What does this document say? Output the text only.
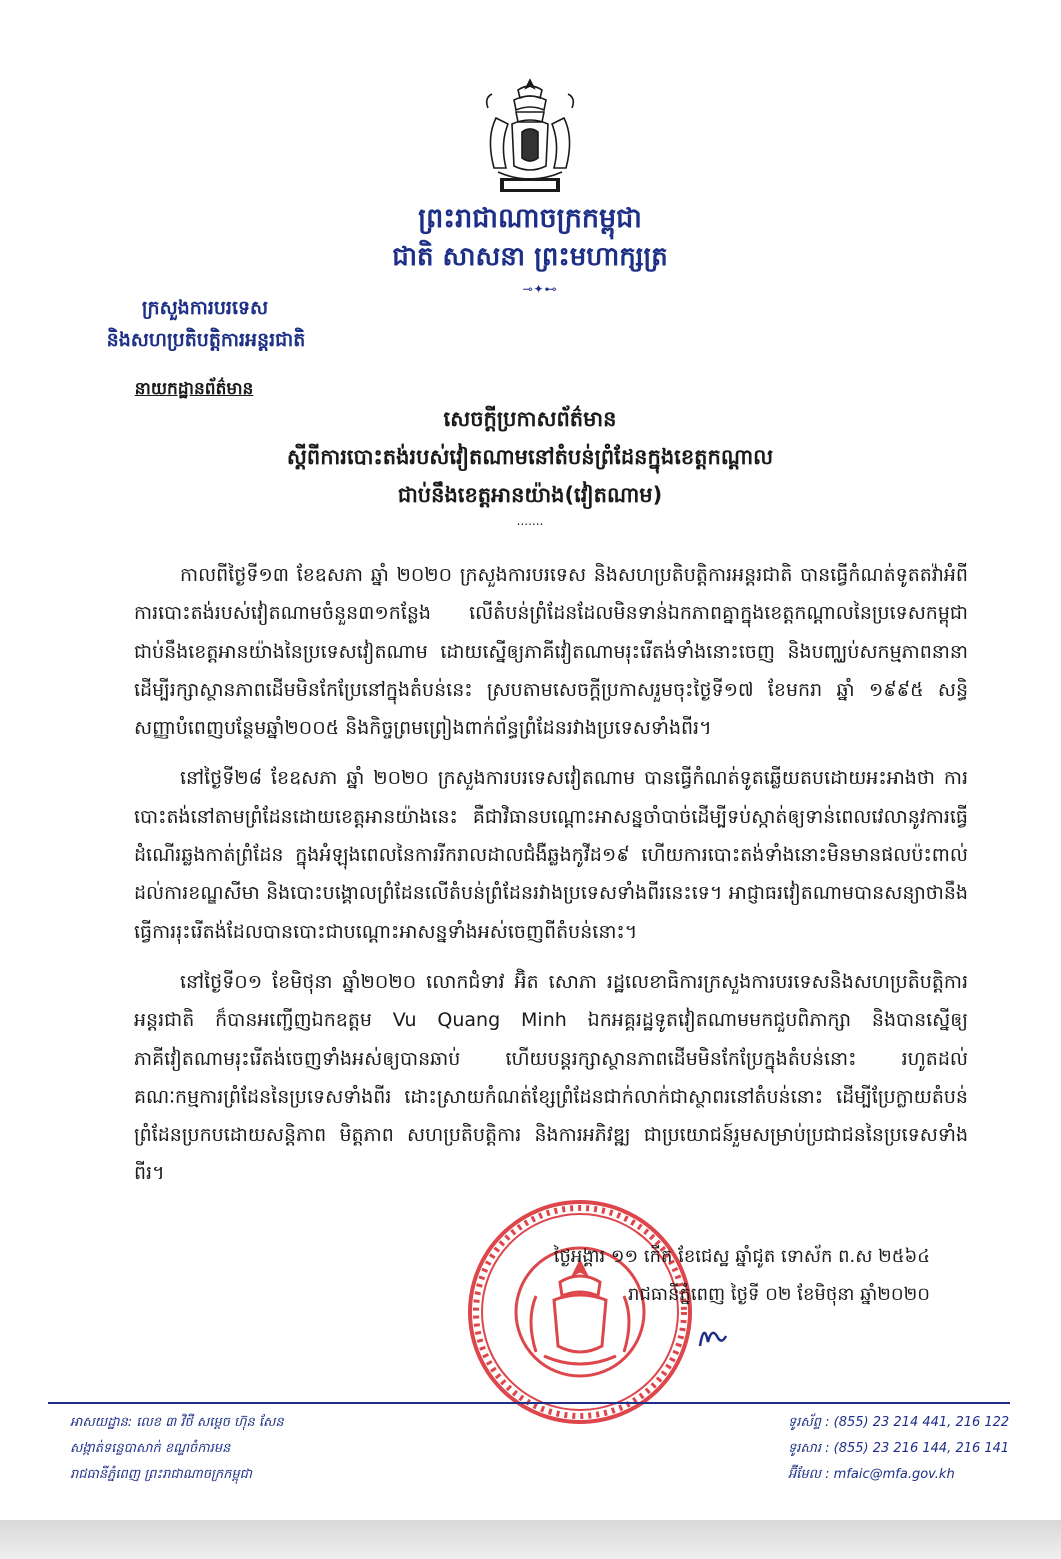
ព្រះរាជាណាចក្រកម្ពុជា
ជាតិ សាសនា ព្រះមហាក្សត្រ
⊸✦⊷
ក្រសួងការបរទេស
និងសហប្រតិបត្តិការអន្តរជាតិ
នាយកដ្ឋានព័ត៌មាន
សេចក្តីប្រកាសព័ត៌មាន
ស្តីពីការបោះតង់របស់វៀតណាមនៅតំបន់ព្រំដែនក្នុងខេត្តកណ្តាល
ជាប់នឹងខេត្តអានយ៉ាង(វៀតណាម)
.......

កាលពីថ្ងៃទី១៣ ខែឧសភា ឆ្នាំ ២០២០ ក្រសួងការបរទេស និងសហប្រតិបត្តិការអន្តរជាតិ បានធ្វើកំណត់ទូតតវ៉ាអំពីការបោះតង់របស់វៀតណាមចំនួន៣១កន្លែង លើតំបន់ព្រំដែនដែលមិនទាន់ឯកភាពគ្នាក្នុងខេត្តកណ្តាលនៃប្រទេសកម្ពុជា ជាប់នឹងខេត្តអានយ៉ាងនៃប្រទេសវៀតណាម ដោយស្នើឲ្យភាគីវៀតណាមរុះរើតង់ទាំងនោះចេញ និងបញ្ឈប់សកម្មភាពនានា ដើម្បីរក្សាស្ថានភាពដើមមិនកែប្រែនៅក្នុងតំបន់នេះ ស្របតាមសេចក្តីប្រកាសរួមចុះថ្ងៃទី១៧ ខែមករា ឆ្នាំ ១៩៩៥ សន្ធិសញ្ញាបំពេញបន្ថែមឆ្នាំ២០០៥ និងកិច្ចព្រមព្រៀងពាក់ព័ន្ធព្រំដែនរវាងប្រទេសទាំងពីរ។

នៅថ្ងៃទី២៨ ខែឧសភា ឆ្នាំ ២០២០ ក្រសួងការបរទេសវៀតណាម បានធ្វើកំណត់ទូតឆ្លើយតបដោយអះអាងថា ការបោះតង់នៅតាមព្រំដែនដោយខេត្តអានយ៉ាងនេះ គឺជាវិធានបណ្តោះអាសន្នចាំបាច់ដើម្បីទប់ស្កាត់ឲ្យទាន់ពេលវេលានូវការធ្វើដំណើរឆ្លងកាត់ព្រំដែន ក្នុងអំឡុងពេលនៃការរីករាលដាលជំងឺឆ្លងកូវីដ១៩ ហើយការបោះតង់ទាំងនោះមិនមានផលប៉ះពាល់ដល់ការខណ្ឌសីមា និងបោះបង្គោលព្រំដែនលើតំបន់ព្រំដែនរវាងប្រទេសទាំងពីរនេះទេ។ អាជ្ញាធរវៀតណាមបានសន្យាថានឹងធ្វើការរុះរើតង់ដែលបានបោះជាបណ្តោះអាសន្នទាំងអស់ចេញពីតំបន់នោះ។

នៅថ្ងៃទី០១ ខែមិថុនា ឆ្នាំ២០២០ លោកជំទាវ អ៊ិត សោភា រដ្ឋលេខាធិការក្រសួងការបរទេសនិងសហប្រតិបត្តិការអន្តរជាតិ ក៏បានអញ្ជើញឯកឧត្តម Vu Quang Minh ឯកអគ្គរដ្ឋទូតវៀតណាមមកជួបពិភាក្សា និងបានស្នើឲ្យភាគីវៀតណាមរុះរើតង់ចេញទាំងអស់ឲ្យបានឆាប់ ហើយបន្តរក្សាស្ថានភាពដើមមិនកែប្រែក្នុងតំបន់នោះ រហូតដល់គណៈកម្មការព្រំដែននៃប្រទេសទាំងពីរ ដោះស្រាយកំណត់ខ្សែព្រំដែនជាក់លាក់ជាស្ថាពរនៅតំបន់នោះ ដើម្បីប្រែក្លាយតំបន់ព្រំដែនប្រកបដោយសន្តិភាព មិត្តភាព សហប្រតិបត្តិការ និងការអភិវឌ្ឍ ជាប្រយោជន៍រួមសម្រាប់ប្រជាជននៃប្រទេសទាំងពីរ។

ថ្ងៃអង្គារ ១១ កើត ខែជេស្ឋ ឆ្នាំជូត ទោស័ក ព.ស ២៥៦៤
រាជធានីភ្នំពេញ ថ្ងៃទី ០២ ខែមិថុនា ឆ្នាំ២០២០
អាសយដ្ឋាន: លេខ ៣ វិថី សម្តេច ហ៊ុន សែន
សង្កាត់ទន្លេបាសាក់ ខណ្ឌចំការមន
រាជធានីភ្នំពេញ ព្រះរាជាណាចក្រកម្ពុជា
ទូរស័ព្ទ : (855) 23 214 441, 216 122
ទូរសារ : (855) 23 216 144, 216 141
អ៊ីមែល : mfaic@mfa.gov.kh
